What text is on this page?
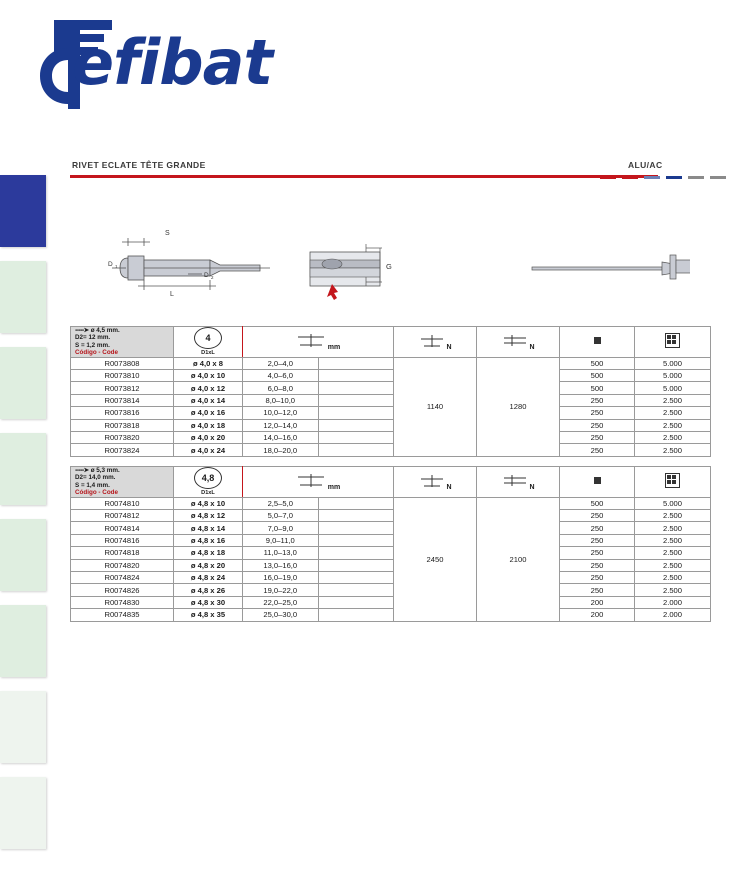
efibat
RIVET ECLATE TÊTE GRANDE	ALU/AC
S
D 1
D 2
L
G
▪▪▪▪▪➤ ø 4,5 mm.
D2= 12 mm.
S = 1,2 mm.
Código - Code	4
D1xL	mm		N	N		

R0073808	ø 4,0 x 8	2,0–4,0		1140	1280	500	5.000
R0073810	ø 4,0 x 10	4,0–6,0				500	5.000
R0073812	ø 4,0 x 12	6,0–8,0				500	5.000
R0073814	ø 4,0 x 14	8,0–10,0				250	2.500
R0073816	ø 4,0 x 16	10,0–12,0				250	2.500
R0073818	ø 4,0 x 18	12,0–14,0				250	2.500
R0073820	ø 4,0 x 20	14,0–16,0				250	2.500
R0073824	ø 4,0 x 24	18,0–20,0				250	2.500
▪▪▪▪▪➤ ø 5,3 mm.
D2= 14,0 mm.
S = 1,4 mm.
Código - Code	4,8
D1xL	mm		N	N		

R0074810	ø 4,8 x 10	2,5–5,0		2450	2100	500	5.000
R0074812	ø 4,8 x 12	5,0–7,0				250	2.500
R0074814	ø 4,8 x 14	7,0–9,0				250	2.500
R0074816	ø 4,8 x 16	9,0–11,0				250	2.500
R0074818	ø 4,8 x 18	11,0–13,0				250	2.500
R0074820	ø 4,8 x 20	13,0–16,0				250	2.500
R0074824	ø 4,8 x 24	16,0–19,0				250	2.500
R0074826	ø 4,8 x 26	19,0–22,0				250	2.500
R0074830	ø 4,8 x 30	22,0–25,0				200	2.000
R0074835	ø 4,8 x 35	25,0–30,0				200	2.000
